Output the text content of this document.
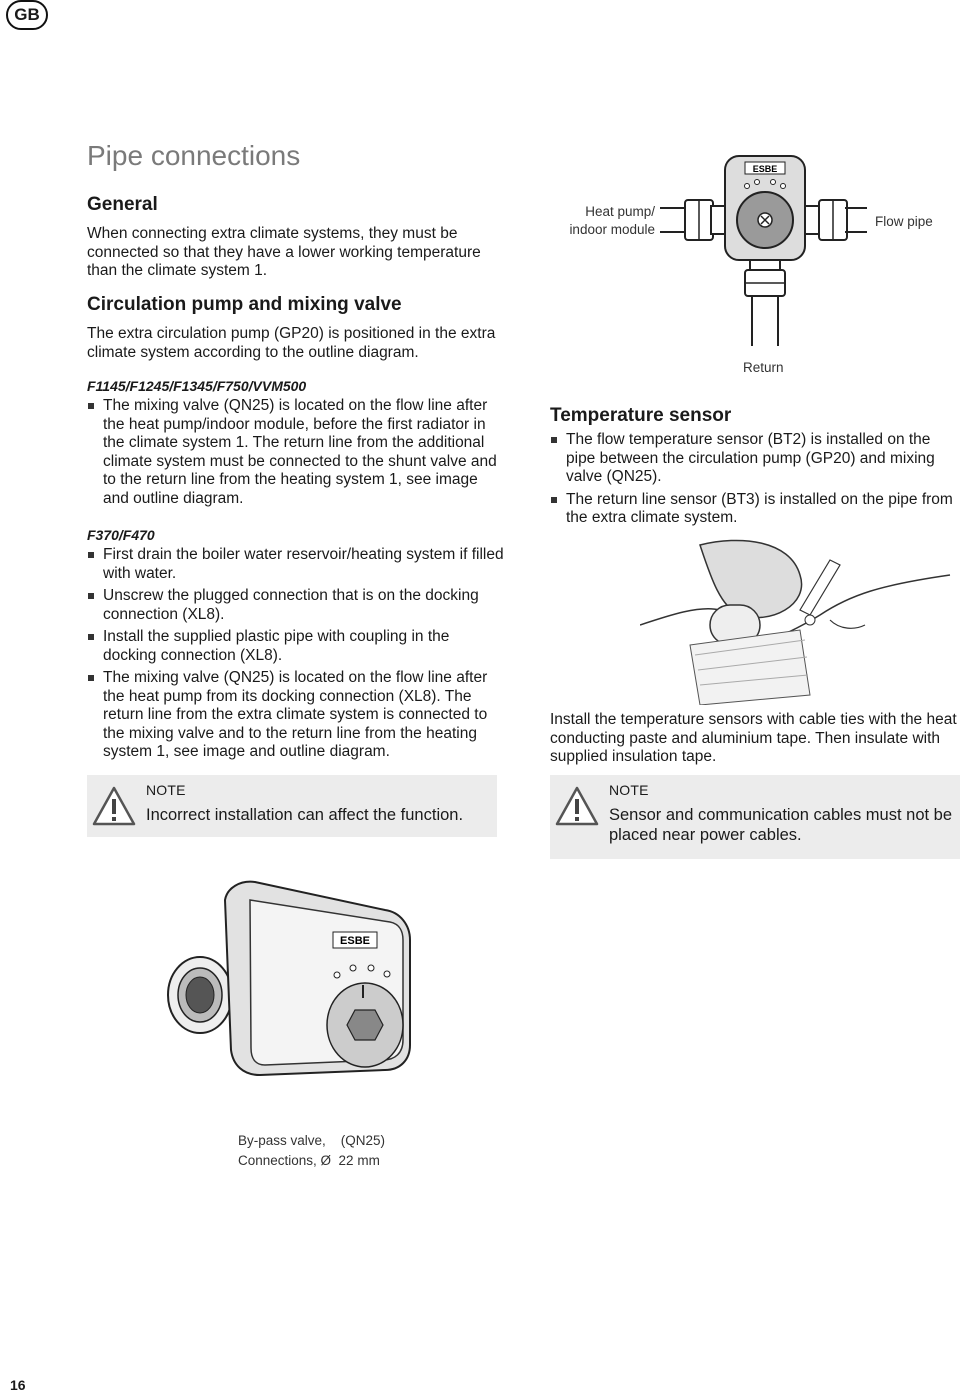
GB
Pipe connections
General

When connecting extra climate systems, they must be connected so that they have a lower working temperature than the climate system 1.

Circulation pump and mixing valve

The extra circulation pump (GP20) is positioned in the extra climate system according to the outline diagram.

F1145/F1245/F1345/F750/VVM500

The mixing valve (QN25) is located on the flow line after the heat pump/indoor module, before the first radiator in the climate system 1. The return line from the additional climate system must be connected to the shunt valve and to the return line from the heating system 1, see image and outline diagram.

F370/F470

First drain the boiler water reservoir/heating system if filled with water.
Unscrew the plugged connection that is on the docking connection (XL8).
Install the supplied plastic pipe with coupling in the docking connection (XL8).
The mixing valve (QN25) is located on the flow line after the heat pump from its docking connection (XL8). The return line from the extra climate system is connected to the mixing valve and to the return line from the heating system 1, see image and outline diagram.
NOTE
Incorrect installation can affect the function.
ESBE
Heat pump/
indoor module
Flow pipe
Return
Temperature sensor
The flow temperature sensor (BT2) is installed on the pipe between the circulation pump (GP20) and mixing valve (QN25).
The return line sensor (BT3) is installed on the pipe from the extra climate system.

Install the temperature sensors with cable ties with the heat conducting paste and aluminium tape. Then insulate with supplied insulation tape.

NOTE
Sensor and communication cables must not be placed near power cables.
ESBE
By-pass valve,    (QN25)
Connections, Ø  22 mm
16
